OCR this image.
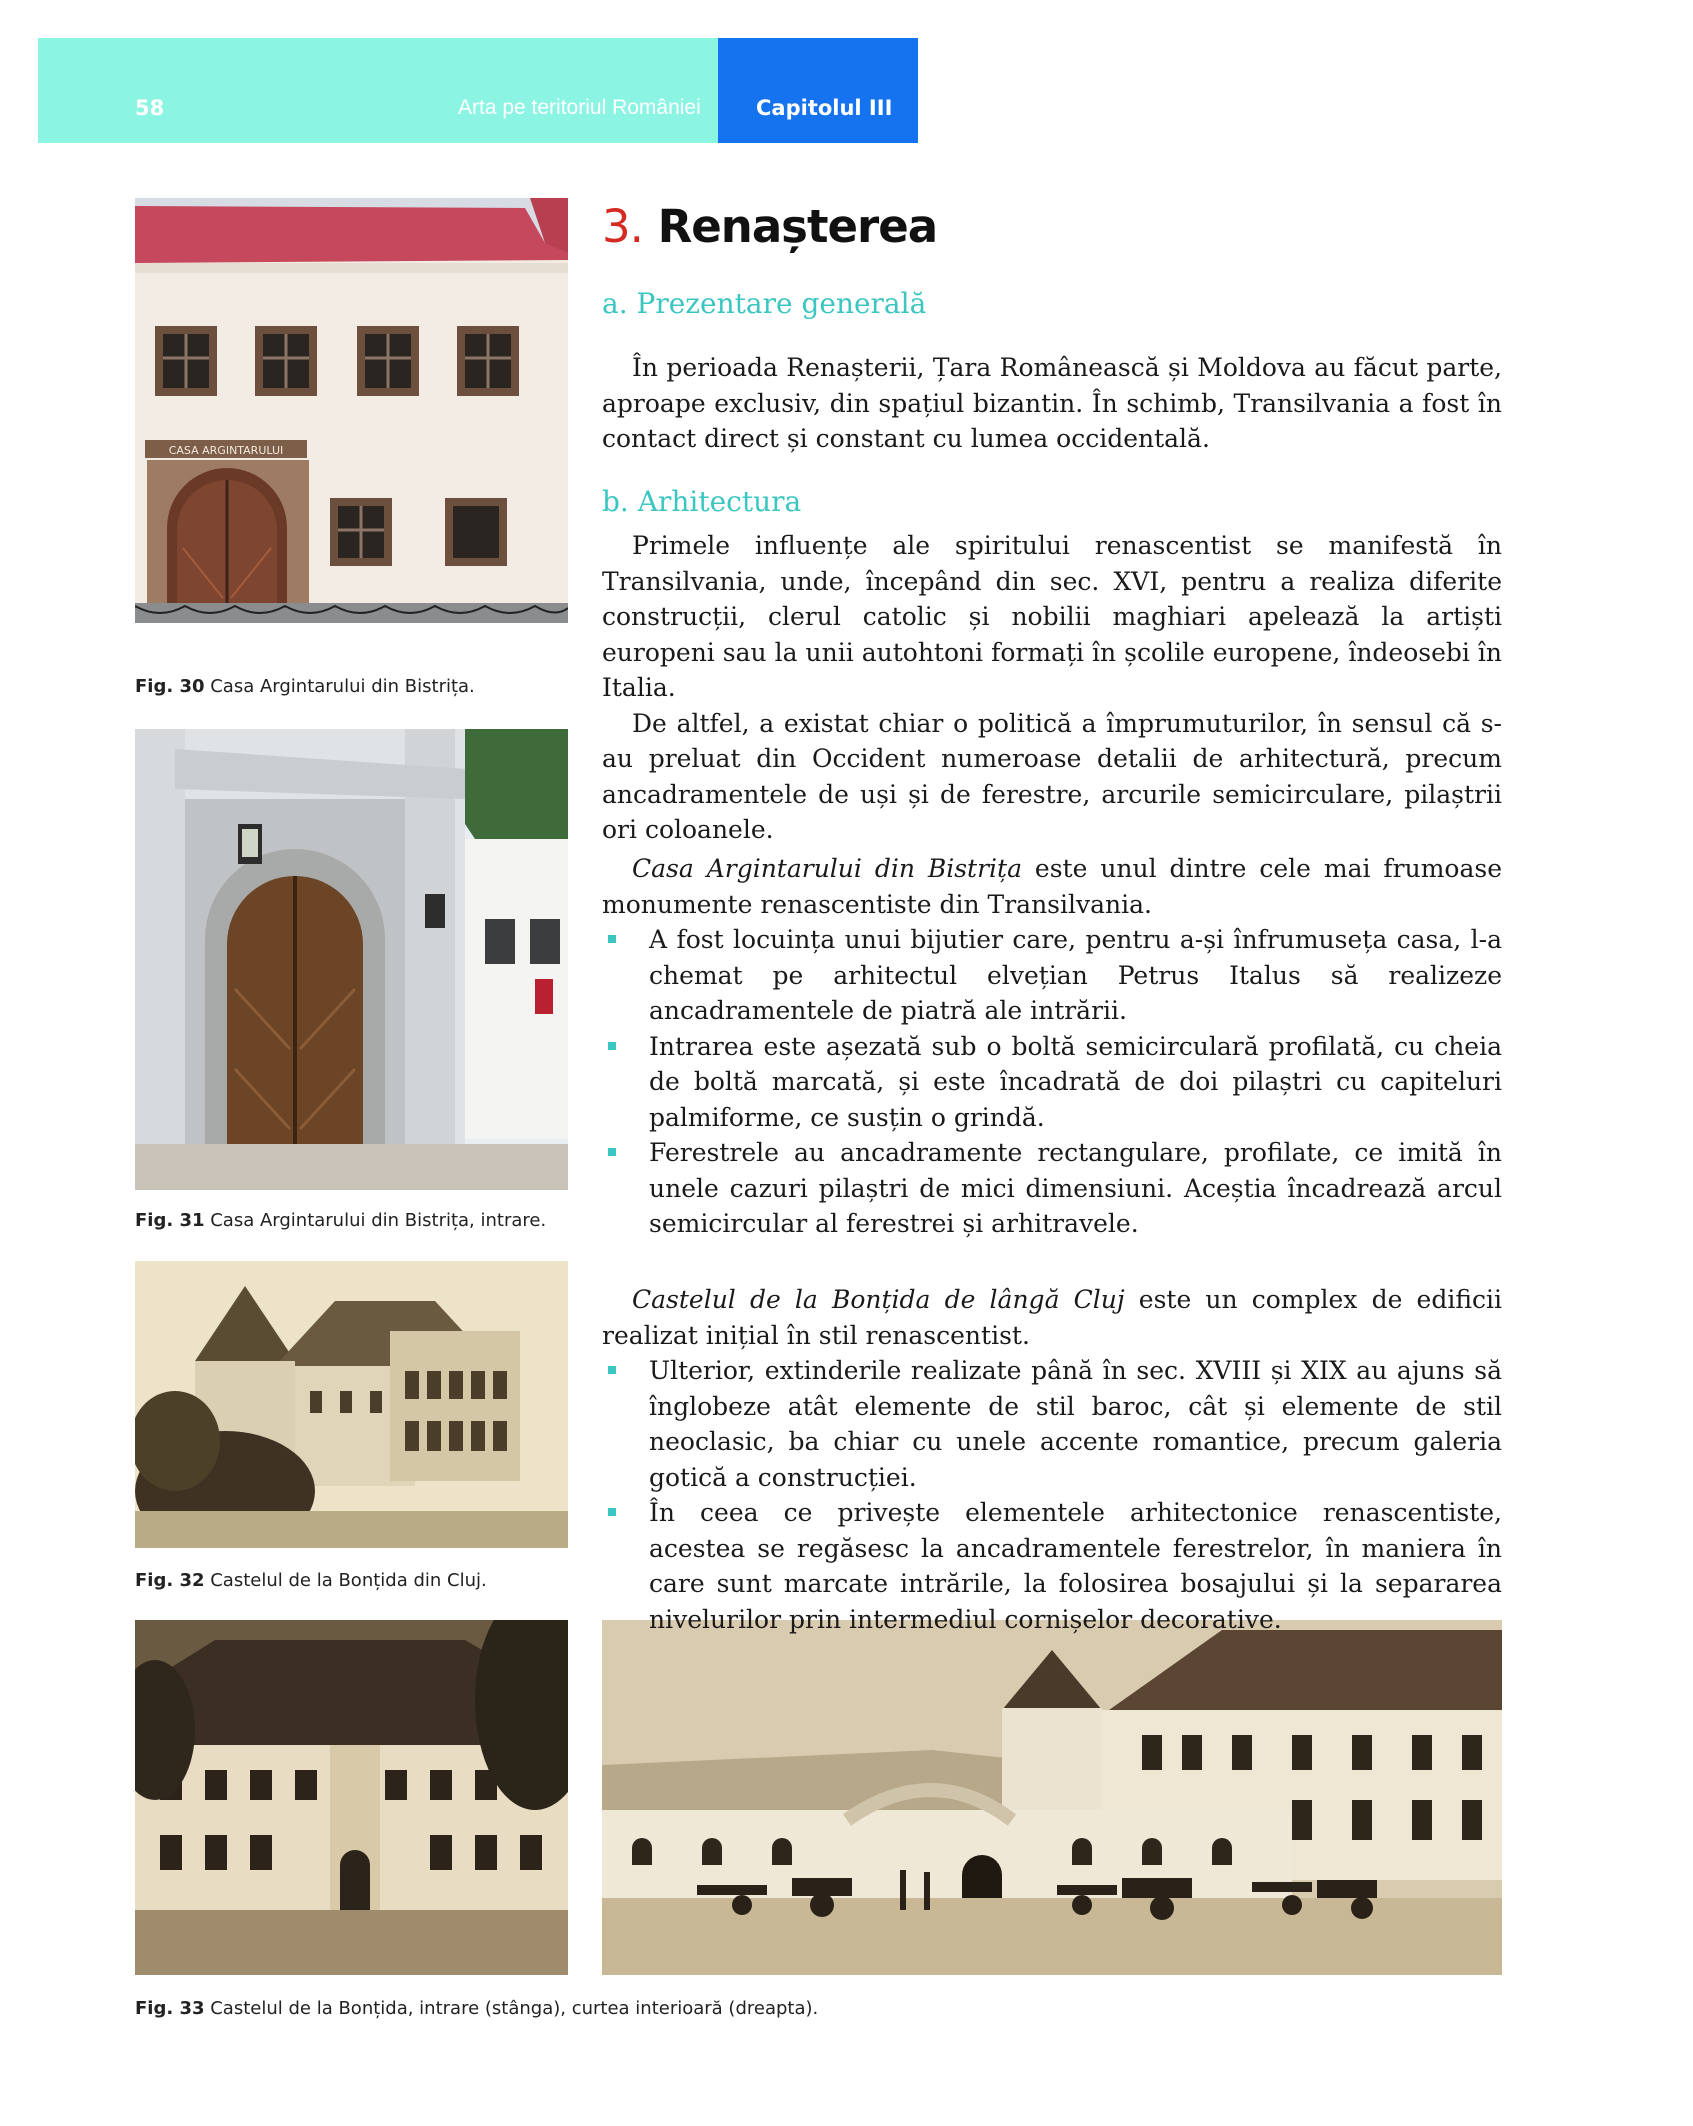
58	Arta pe teritoriul României	Capitolul III
CASA ARGINTARULUI
Fig. 30 Casa Argintarului din Bistrița.
Fig. 31 Casa Argintarului din Bistrița, intrare.
Fig. 32 Castelul de la Bonțida din Cluj.
Fig. 33 Castelul de la Bonțida, intrare (stânga), curtea interioară (dreapta).
3. Renașterea
a. Prezentare generală

În perioada Renașterii, Țara Românească și Moldova au făcut parte, aproape exclusiv, din spațiul bizantin. În schimb, Transilvania a fost în contact direct și constant cu lumea occidentală.

b. Arhitectura

Primele influențe ale spiritului renascentist se manifestă în Transilvania, unde, începând din sec. XVI, pentru a realiza diferite construcții, clerul catolic și nobilii maghiari apelează la artiști europeni sau la unii autohtoni formați în școlile europene, îndeosebi în Italia.

De altfel, a existat chiar o politică a împrumuturilor, în sensul că s-au preluat din Occident numeroase detalii de arhitectură, precum ancadramentele de uși și de ferestre, arcurile semicirculare, pilaștrii ori coloanele.

Casa Argintarului din Bistrița este unul dintre cele mai frumoase monumente renascentiste din Transilvania.

A fost locuința unui bijutier care, pentru a-și înfrumuseța casa, l-a chemat pe arhitectul elvețian Petrus Italus să realizeze ancadramentele de piatră ale intrării.
Intrarea este așezată sub o boltă semicirculară profilată, cu cheia de boltă marcată, și este încadrată de doi pilaștri cu capiteluri palmiforme, ce susțin o grindă.
Ferestrele au ancadramente rectangulare, profilate, ce imită în unele cazuri pilaștri de mici dimensiuni. Aceștia încadrează arcul semicircular al ferestrei și arhitravele.

Castelul de la Bonțida de lângă Cluj este un complex de edificii realizat inițial în stil renascentist.

Ulterior, extinderile realizate până în sec. XVIII și XIX au ajuns să înglobeze atât elemente de stil baroc, cât și elemente de stil neoclasic, ba chiar cu unele accente romantice, precum galeria gotică a construcției.
În ceea ce privește elementele arhitectonice renascentiste, acestea se regăsesc la ancadramentele ferestrelor, în maniera în care sunt marcate intrările, la folosirea bosajului și la separarea nivelurilor prin intermediul cornișelor decorative.
